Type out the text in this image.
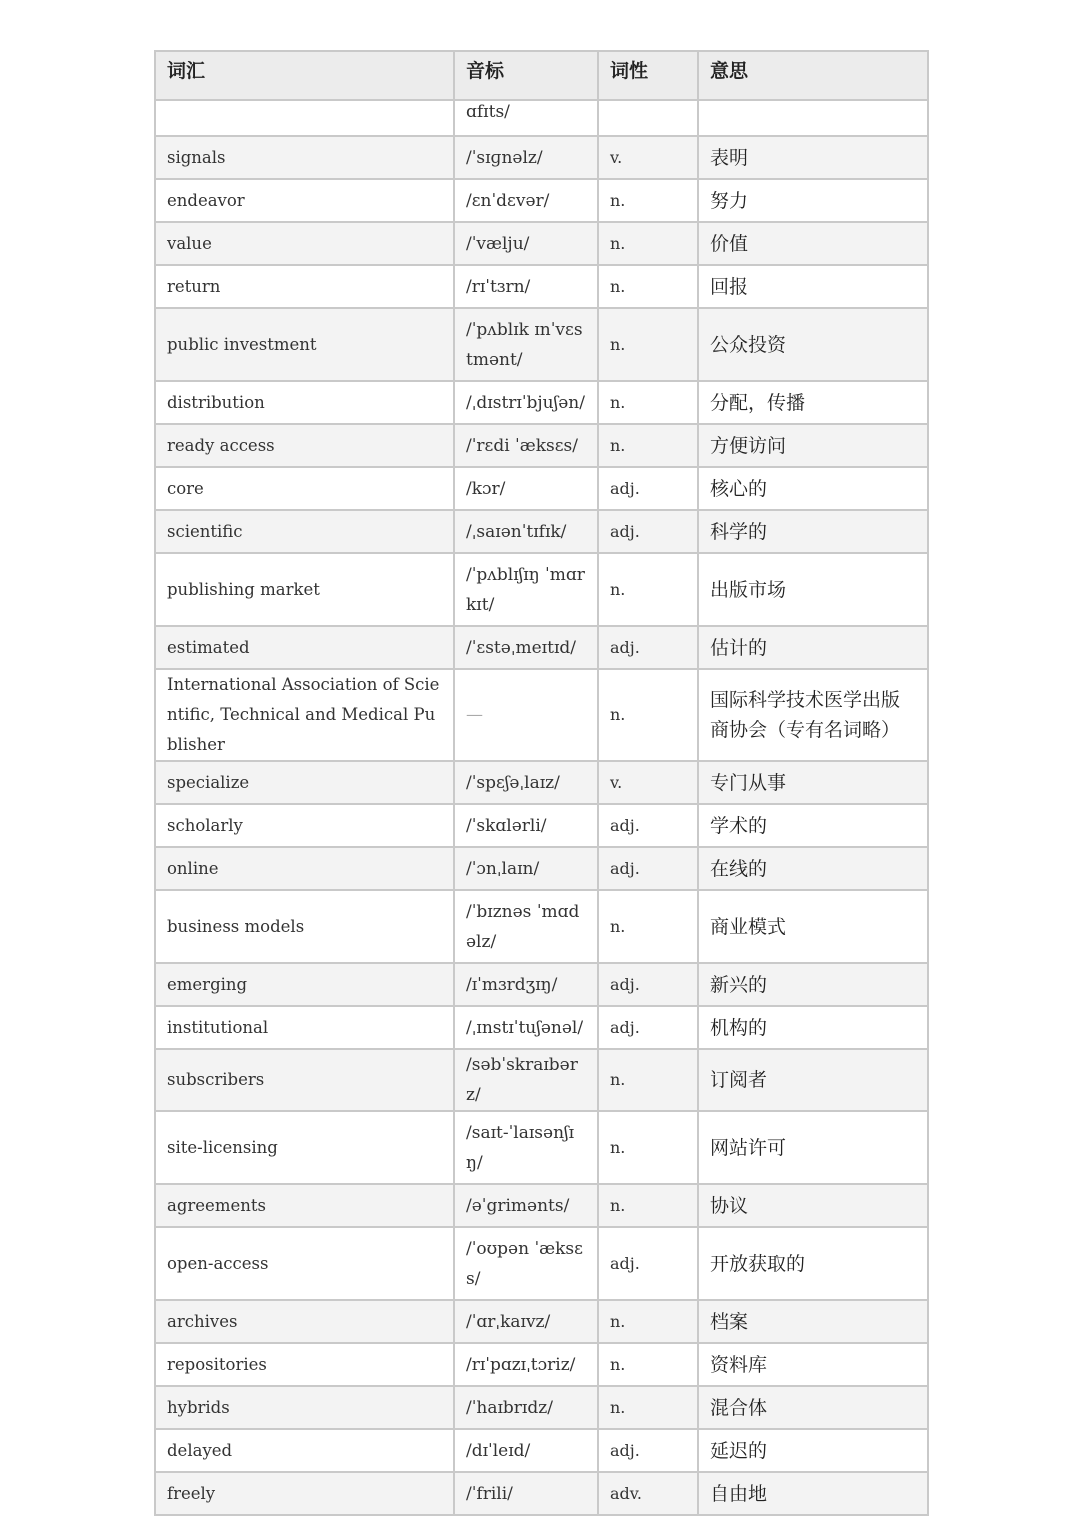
词汇	音标	词性	意思
	ɑfɪts/		
signals	/ˈsɪɡnəlz/	v.	表明
endeavor	/ɛnˈdɛvər/	n.	努力
value	/ˈvælju/	n.	价值
return	/rɪˈtɜrn/	n.	回报
public investment	/ˈpʌblɪk ɪnˈvɛstmənt/	n.	公众投资
distribution	/ˌdɪstrɪˈbjuʃən/	n.	分配，传播
ready access	/ˈrɛdi ˈæksɛs/	n.	方便访问
core	/kɔr/	adj.	核心的
scientific	/ˌsaɪənˈtɪfɪk/	adj.	科学的
publishing market	/ˈpʌblɪʃɪŋ ˈmɑrkɪt/	n.	出版市场
estimated	/ˈɛstəˌmeɪtɪd/	adj.	估计的
International Association of Scientific, Technical and Medical Publisher	—	n.	国际科学技术医学出版商协会（专有名词略）
specialize	/ˈspɛʃəˌlaɪz/	v.	专门从事
scholarly	/ˈskɑlərli/	adj.	学术的
online	/ˈɔnˌlaɪn/	adj.	在线的
business models	/ˈbɪznəs ˈmɑdəlz/	n.	商业模式
emerging	/ɪˈmɜrdʒɪŋ/	adj.	新兴的
institutional	/ˌɪnstɪˈtuʃənəl/	adj.	机构的
subscribers	/səbˈskraɪbərz/	n.	订阅者
site-licensing	/saɪt-ˈlaɪsənʃɪŋ/	n.	网站许可
agreements	/əˈgrimənts/	n.	协议
open-access	/ˈoʊpən ˈæksɛs/	adj.	开放获取的
archives	/ˈɑrˌkaɪvz/	n.	档案
repositories	/rɪˈpɑzɪˌtɔriz/	n.	资料库
hybrids	/ˈhaɪbrɪdz/	n.	混合体
delayed	/dɪˈleɪd/	adj.	延迟的
freely	/ˈfrili/	adv.	自由地
